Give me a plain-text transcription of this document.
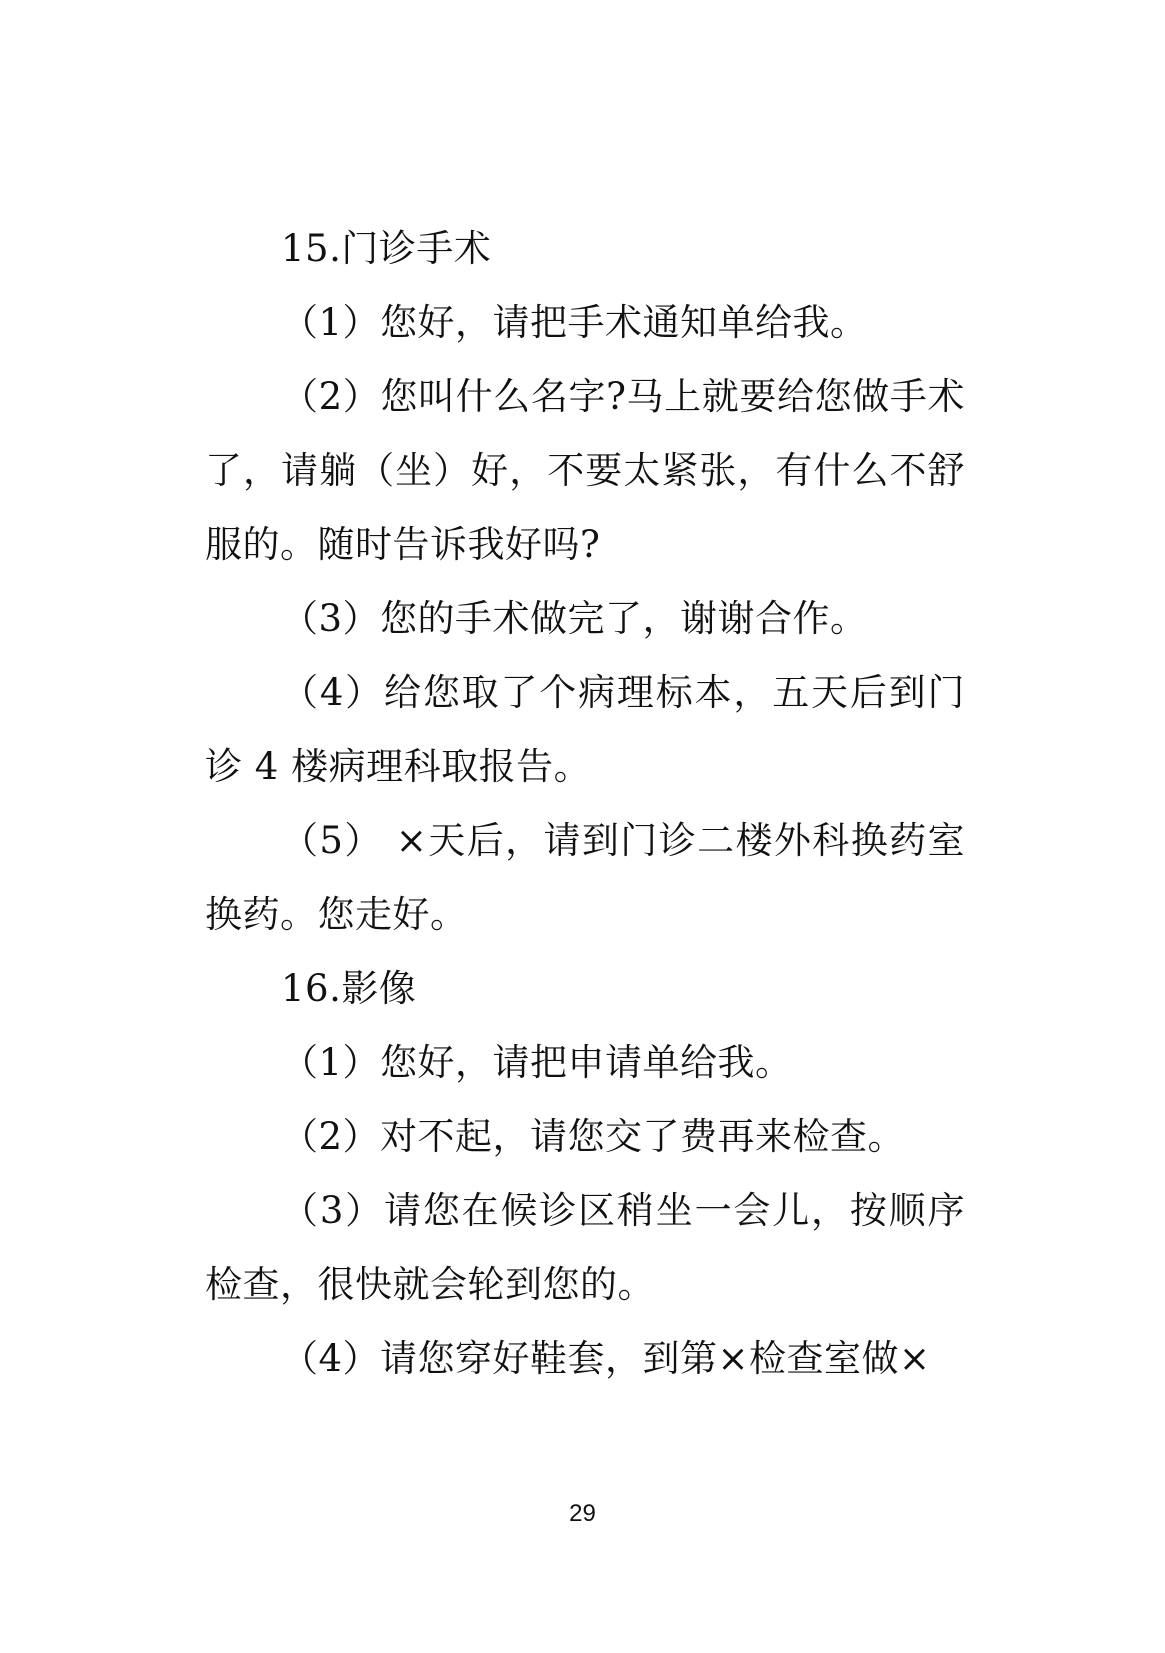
15.门诊手术

（1）您好，请把手术通知单给我。

（2）您叫什么名字?马上就要给您做手术了，请躺（坐）好，不要太紧张，有什么不舒服的。随时告诉我好吗?

（3）您的手术做完了，谢谢合作。

（4）给您取了个病理标本，五天后到门诊 4 楼病理科取报告。

（5） ×天后，请到门诊二楼外科换药室换药。您走好。

16.影像

（1）您好，请把申请单给我。

（2）对不起，请您交了费再来检查。

（3）请您在候诊区稍坐一会儿，按顺序检查，很快就会轮到您的。

（4）请您穿好鞋套，到第×检查室做×

29
